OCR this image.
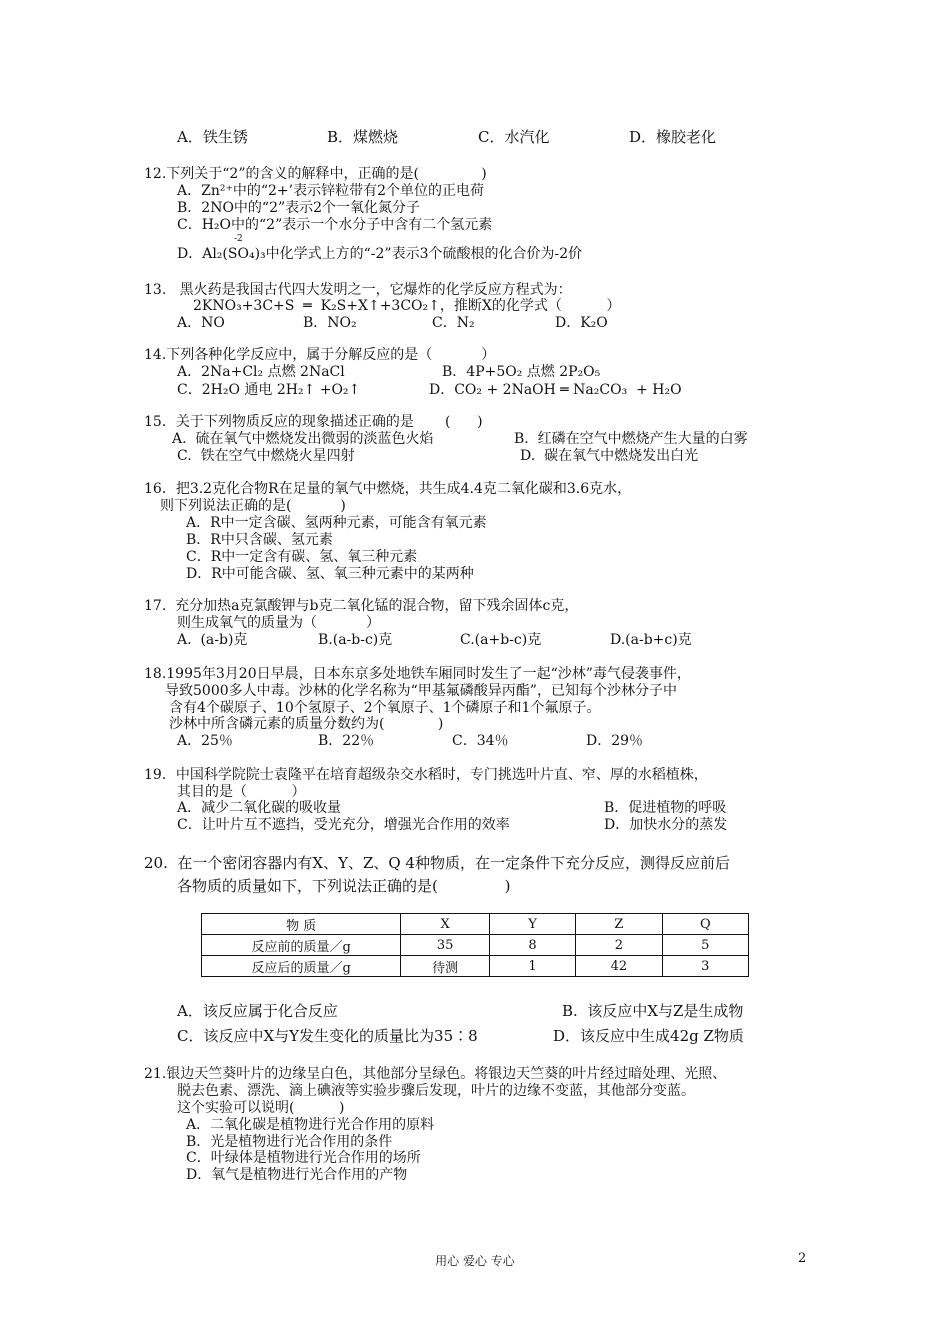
A．铁生锈	B．煤燃烧	C．水汽化	D．橡胶老化
12.下列关于“2”的含义的解释中，正确的是(              )
A．Zn²⁺中的“2+’表示锌粒带有2个单位的正电荷
B．2NO中的“2”表示2个一氧化氮分子
C．H₂O中的“2”表示一个水分子中含有二个氢元素
-2
D．Al₂(SO₄)₃中化学式上方的“-2”表示3个硫酸根的化合价为-2价
13.   黑火药是我国古代四大发明之一，它爆炸的化学反应方程式为：
2KNO₃+3C+S  ═  K₂S+X↑+3CO₂↑，推断X的化学式（          ）
A．NO	B．NO₂	C．N₂	D．K₂O
14.下列各种化学反应中，属于分解反应的是（           ）
A．2Na+Cl₂ 点燃 2NaCl	B．4P+5O₂ 点燃 2P₂O₅
C．2H₂O 通电 2H₂↑ +O₂↑	D．CO₂ + 2NaOH ═ Na₂CO₃  + H₂O
15．关于下列物质反应的现象描述正确的是       (      )
A.  硫在氧气中燃烧发出微弱的淡蓝色火焰	B.  红磷在空气中燃烧产生大量的白雾
C.  铁在空气中燃烧火星四射	D.  碳在氧气中燃烧发出白光
16．把3.2克化合物R在足量的氧气中燃烧，共生成4.4克二氧化碳和3.6克水，
则下列说法正确的是(           )
A．R中一定含碳、氢两种元素，可能含有氧元素
B．R中只含碳、氢元素
C．R中一定含有碳、氢、氧三种元素
D．R中可能含碳、氢、氧三种元素中的某两种
17.  充分加热a克氯酸钾与b克二氧化锰的混合物，留下残余固体c克，
则生成氧气的质量为（           ）
A.  (a-b)克	B.(a-b-c)克	C.(a+b-c)克	D.(a-b+c)克
18.1995年3月20日早晨，日本东京多处地铁车厢同时发生了一起“沙林”毒气侵袭事件，
导致5000多人中毒。沙林的化学名称为“甲基氟磷酸异丙酯”，已知每个沙林分子中
含有4个碳原子、10个氢原子、2个氧原子、1个磷原子和1个氟原子。
沙林中所含磷元素的质量分数约为(            )
A．25％	B．22％	C．34％	D．29％
19．中国科学院院士袁隆平在培育超级杂交水稻时，专门挑选叶片直、窄、厚的水稻植株，
其目的是（          ）
A．减少二氧化碳的吸收量	B．促进植物的呼吸
C．让叶片互不遮挡，受光充分，增强光合作用的效率	D．加快水分的蒸发
20.  在一个密闭容器内有X、Y、Z、Q 4种物质，在一定条件下充分反应，测得反应前后
各物质的质量如下，下列说法正确的是(              )
物 质	X	Y	Z	Q
反应前的质量／g	35	8	2	5
反应后的质量／g	待测	1	42	3
A．该反应属于化合反应	B.  该反应中X与Z是生成物
C．该反应中X与Y发生变化的质量比为35∶8	D．该反应中生成42g Z物质
21.银边天竺葵叶片的边缘呈白色，其他部分呈绿色。将银边天竺葵的叶片经过暗处理、光照、
脱去色素、漂洗、滴上碘液等实验步骤后发现，叶片的边缘不变蓝，其他部分变蓝。
这个实验可以说明(          )
A．二氧化碳是植物进行光合作用的原料
B．光是植物进行光合作用的条件
C．叶绿体是植物进行光合作用的场所
D．氧气是植物进行光合作用的产物
用心 爱心 专心	2
